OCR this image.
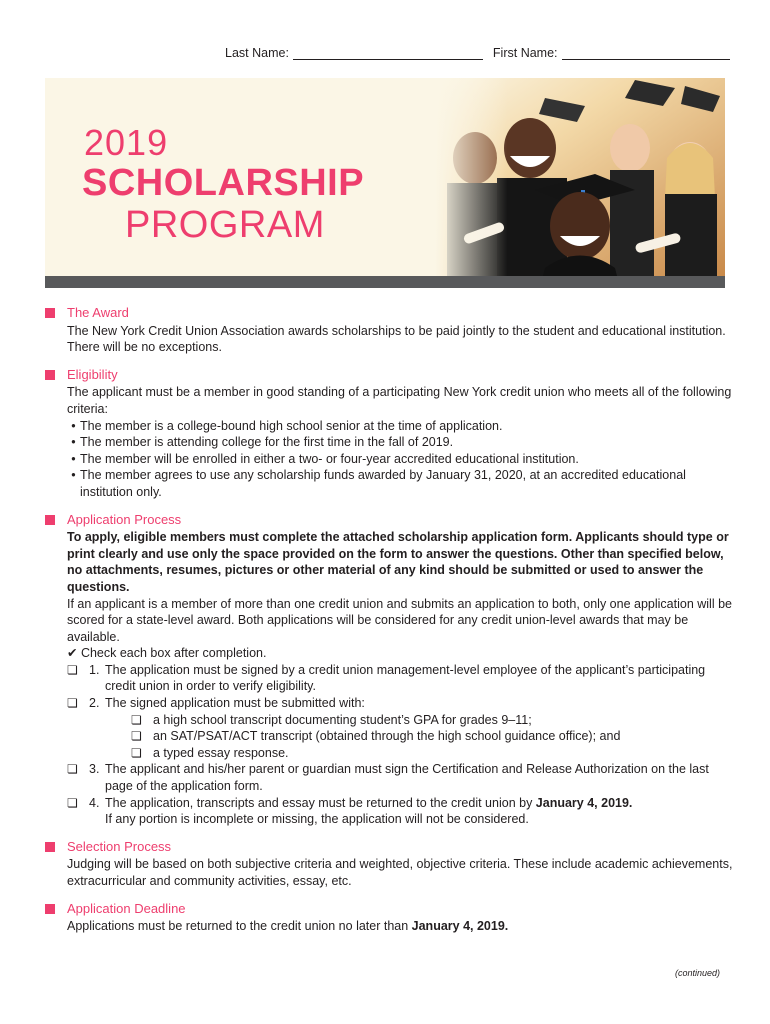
Last Name:	First Name:
2019
SCHOLARSHIP
PROGRAM
The Award
The New York Credit Union Association awards scholarships to be paid jointly to the student and educational institution. There will be no exceptions.
Eligibility
The applicant must be a member in good standing of a participating New York credit union who meets all of the following criteria:
• The member is a college-bound high school senior at the time of application.
• The member is attending college for the first time in the fall of 2019.
• The member will be enrolled in either a two- or four-year accredited educational institution.
• The member agrees to use any scholarship funds awarded by January 31, 2020, at an accredited educational institution only.
Application Process
To apply, eligible members must complete the attached scholarship application form. Applicants should type or print clearly and use only the space provided on the form to answer the questions. Other than specified below, no attachments, resumes, pictures or other material of any kind should be submitted or used to answer the questions.
If an applicant is a member of more than one credit union and submits an application to both, only one application will be scored for a state-level award. Both applications will be considered for any credit union-level awards that may be available.
✔ Check each box after completion.
❏ 1. The application must be signed by a credit union management-level employee of the applicant’s participating credit union in order to verify eligibility.
❏ 2. The signed application must be submitted with:
❏ a high school transcript documenting student’s GPA for grades 9–11;
❏ an SAT/PSAT/ACT transcript (obtained through the high school guidance office); and
❏ a typed essay response.
❏ 3. The applicant and his/her parent or guardian must sign the Certification and Release Authorization on the last page of the application form.
❏ 4. The application, transcripts and essay must be returned to the credit union by January 4, 2019.
If any portion is incomplete or missing, the application will not be considered.
Selection Process
Judging will be based on both subjective criteria and weighted, objective criteria. These include academic achievements, extracurricular and community activities, essay, etc.
Application Deadline
Applications must be returned to the credit union no later than January 4, 2019.
(continued)
